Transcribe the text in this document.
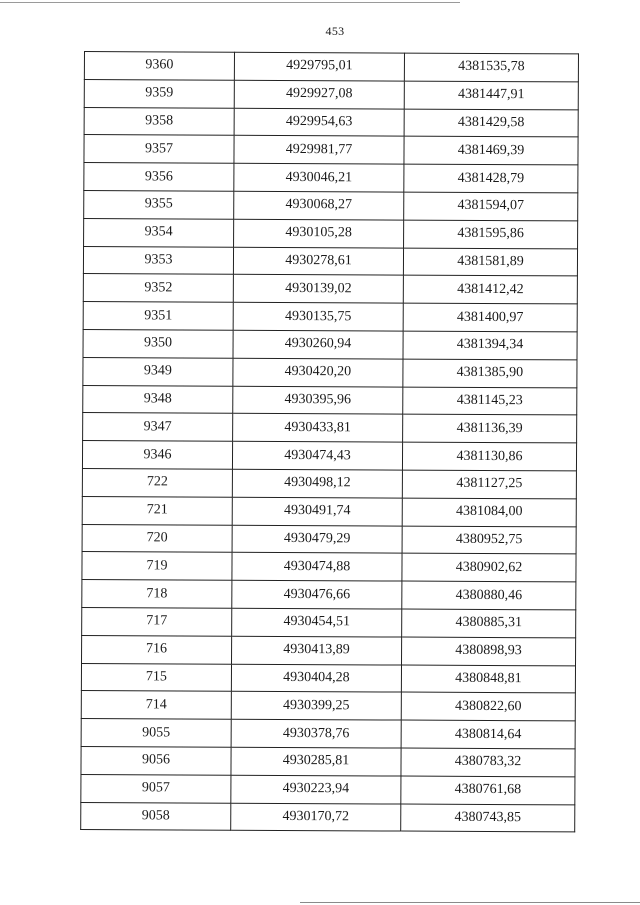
453
9360	4929795,01	4381535,78
9359	4929927,08	4381447,91
9358	4929954,63	4381429,58
9357	4929981,77	4381469,39
9356	4930046,21	4381428,79
9355	4930068,27	4381594,07
9354	4930105,28	4381595,86
9353	4930278,61	4381581,89
9352	4930139,02	4381412,42
9351	4930135,75	4381400,97
9350	4930260,94	4381394,34
9349	4930420,20	4381385,90
9348	4930395,96	4381145,23
9347	4930433,81	4381136,39
9346	4930474,43	4381130,86
722	4930498,12	4381127,25
721	4930491,74	4381084,00
720	4930479,29	4380952,75
719	4930474,88	4380902,62
718	4930476,66	4380880,46
717	4930454,51	4380885,31
716	4930413,89	4380898,93
715	4930404,28	4380848,81
714	4930399,25	4380822,60
9055	4930378,76	4380814,64
9056	4930285,81	4380783,32
9057	4930223,94	4380761,68
9058	4930170,72	4380743,85
